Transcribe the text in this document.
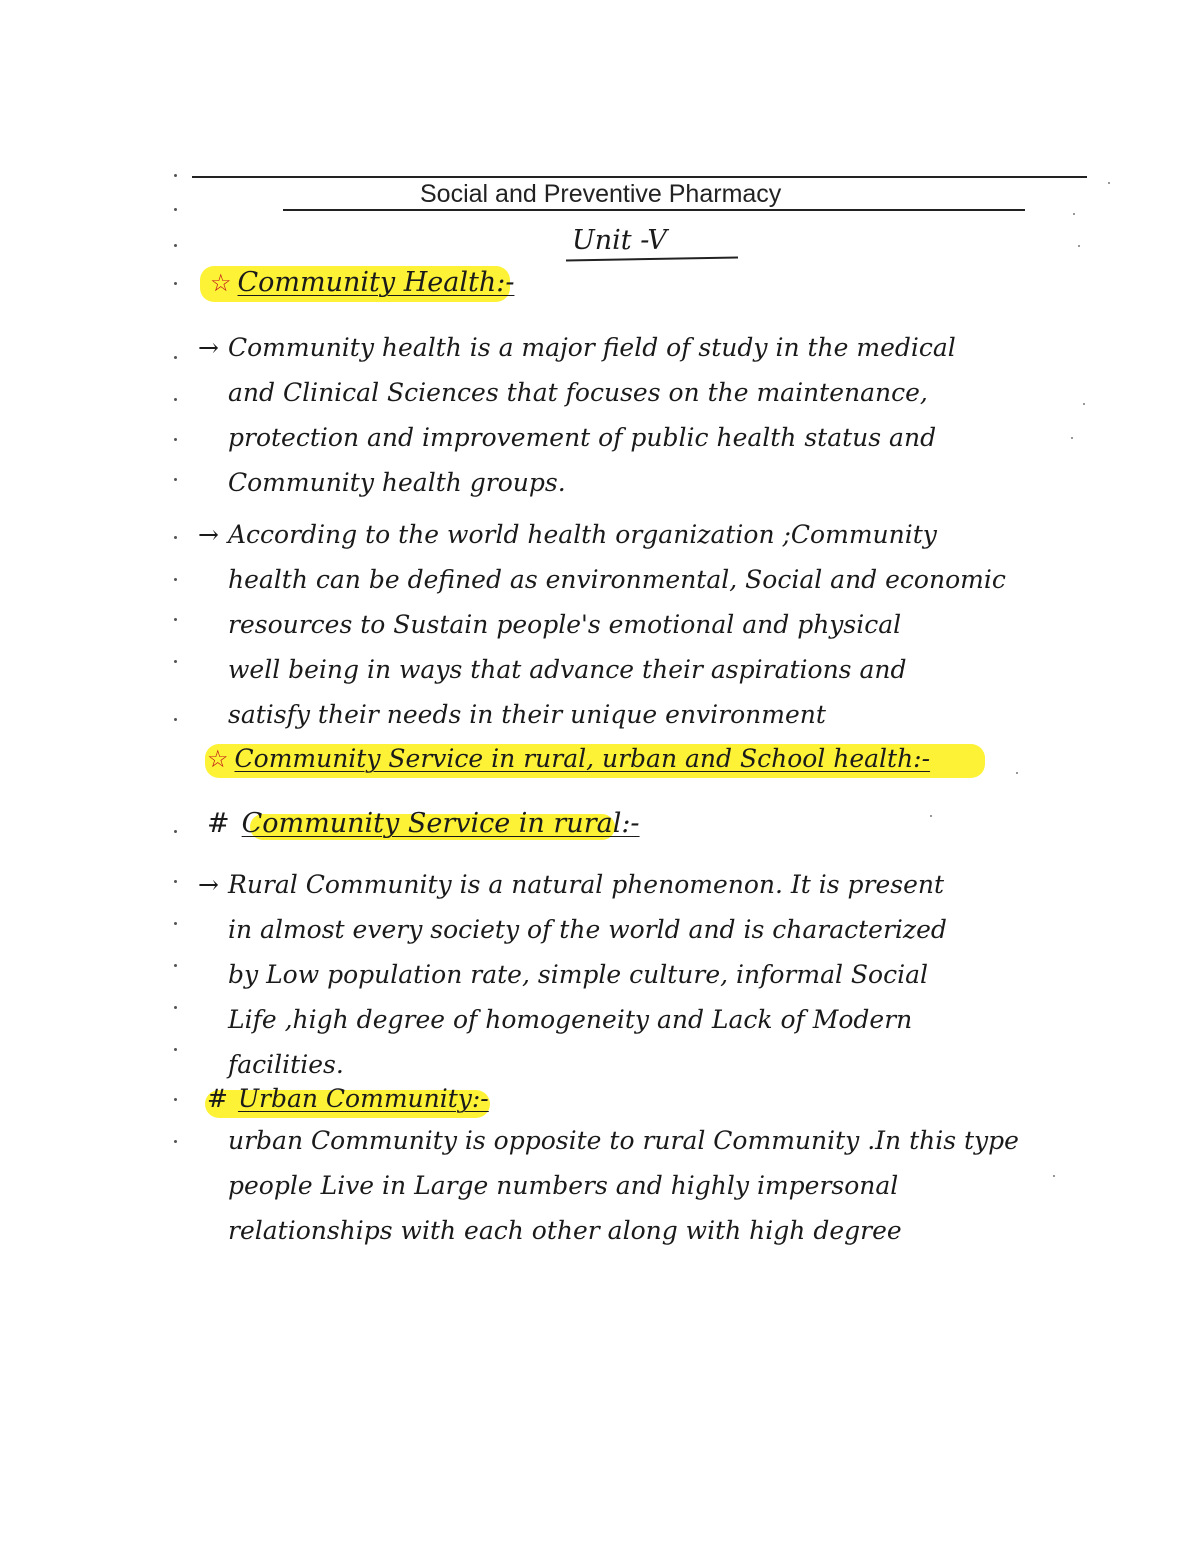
Social and Preventive Pharmacy
Unit -V
☆ Community Health:-
→ Community health is a major field of study in the medical
and Clinical Sciences that focuses on the maintenance,
protection and improvement of public health status and
Community health groups.
→ According to the world health organization ;Community
health can be defined as environmental, Social and economic
resources to Sustain people's emotional and physical
well being in ways that advance their aspirations and
satisfy their needs in their unique environment
☆ Community Service in rural, urban and School health:-
# Community Service in rural:-
→ Rural Community is a natural phenomenon. It is present
in almost every society of the world and is characterized
by Low population rate, simple culture, informal Social
Life ,high degree of homogeneity and Lack of Modern
facilities.
# Urban Community:-
urban Community is opposite to rural Community .In this type
people Live in Large numbers and highly impersonal
relationships with each other along with high degree
